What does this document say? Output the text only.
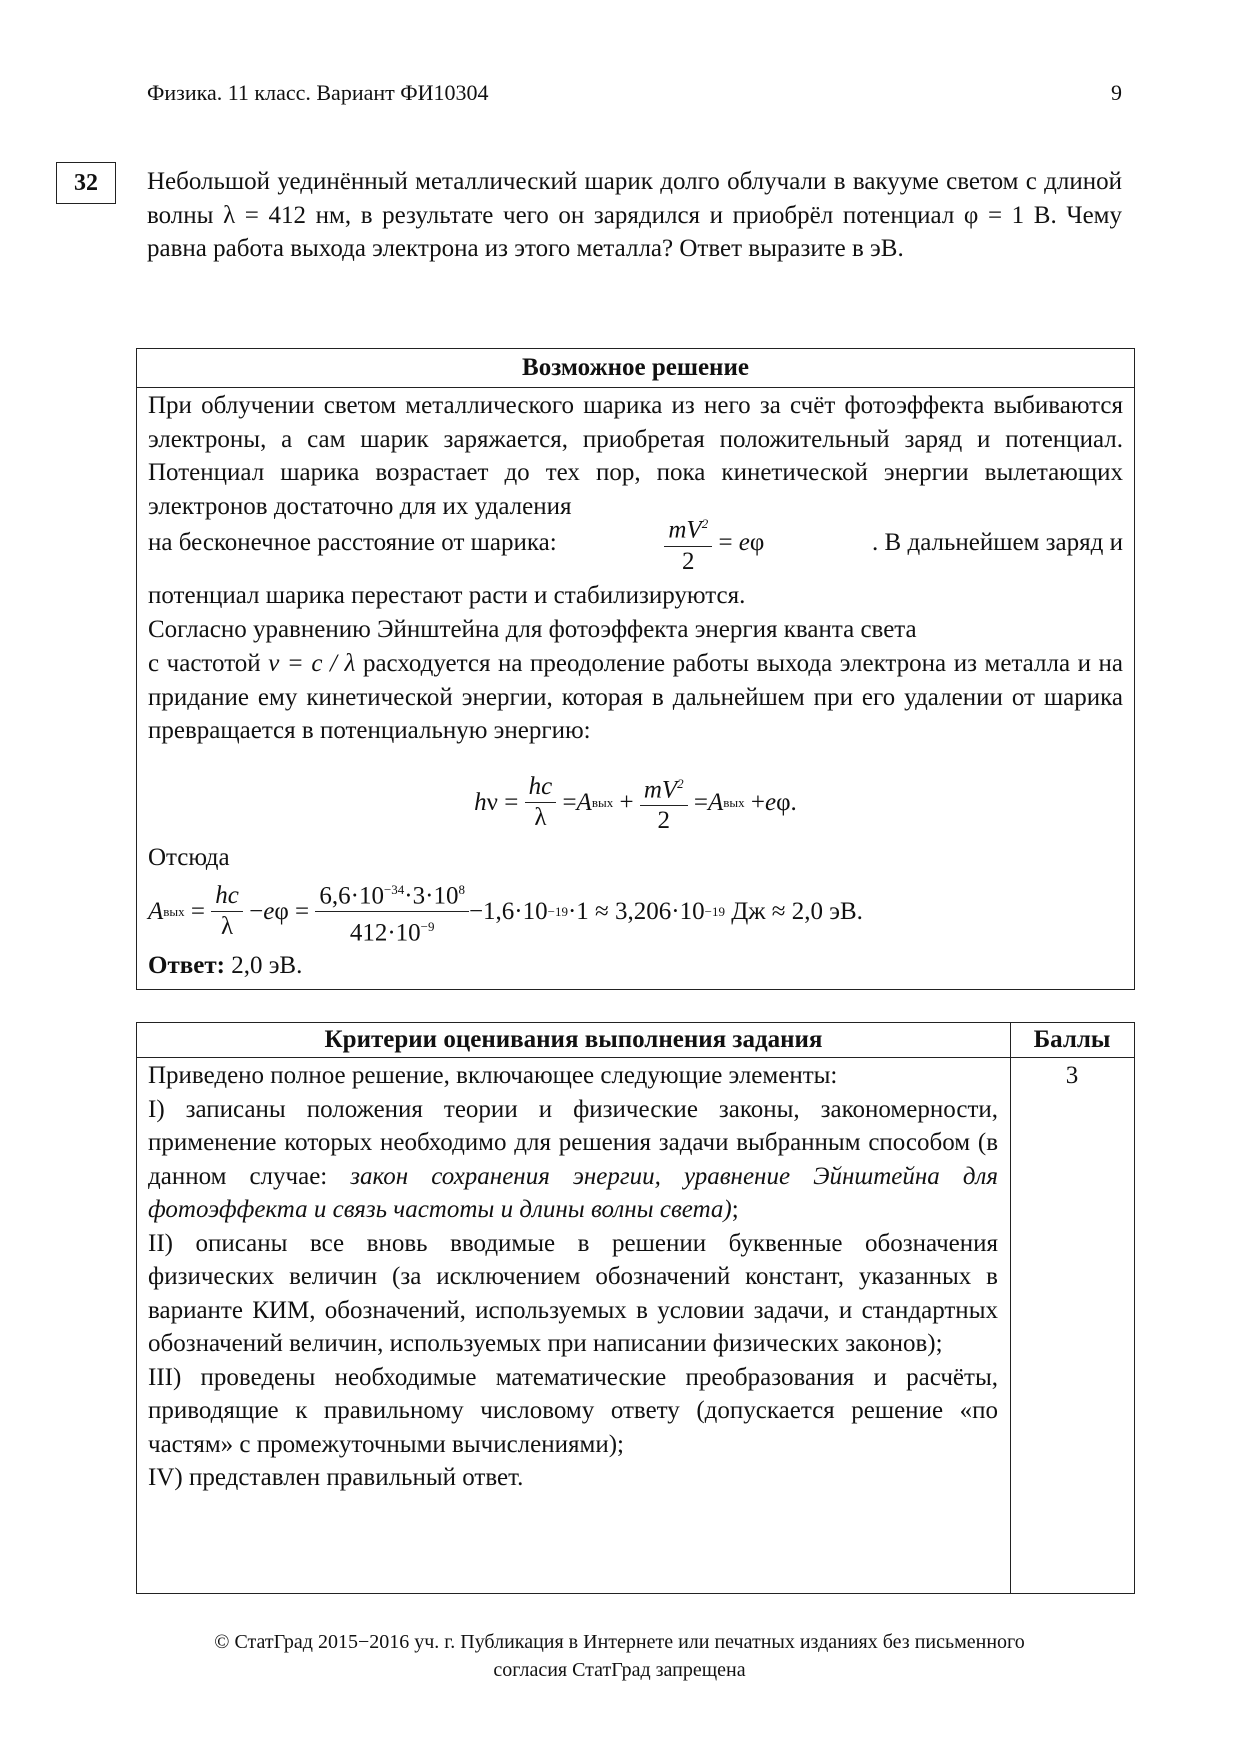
Физика. 11 класс. Вариант ФИ10304	9
32	Небольшой уединённый металлический шарик долго облучали в вакууме светом с длиной волны λ = 412 нм, в результате чего он зарядился и приобрёл потенциал φ = 1 В. Чему равна работа выхода электрона из этого металла? Ответ выразите в эВ.
Возможное решение
При облучении светом металлического шарика из него за счёт фотоэффекта выбиваются электроны, а сам шарик заряжается, приобретая положительный заряд и потенциал. Потенциал шарика возрастает до тех пор, пока кинетической энергии вылетающих электронов достаточно для их удаления
на бесконечное расстояние от шарика:	$\frac{mV^2}{2} = e\varphi$	. В дальнейшем заряд и
потенциал шарика перестают расти и стабилизируются.
Согласно уравнению Эйнштейна для фотоэффекта энергия кванта света
с частотой ν = c / λ расходуется на преодоление работы выхода электрона из металла и на придание ему кинетической энергии, которая в дальнейшем при его удалении от шарика превращается в потенциальную энергию:
h $\nu = \frac{hc}{\lambda} = A$ вых + $\frac{mV^2}{2} = A$ вых + e φ.
Отсюда
A вых = $\frac{hc}{\lambda} - e$ $\varphi = \frac{6,6\cdot 10^{-34}\cdot 3\cdot 10^8}{412\cdot 10^{-9}} -1,6\cdot 10 -19 \cdot 1 \approx 3,206\cdot 10 -19$
Дж ≈ 2,0 эВ.
Ответ: 2,0 эВ.
Критерии оценивания выполнения задания	Баллы
Приведено полное решение, включающее следующие элементы:
I) записаны положения теории и физические законы, закономерности, применение которых необходимо для решения задачи выбранным способом (в данном случае: закон сохранения энергии, уравнение Эйнштейна для фотоэффекта и связь частоты и длины волны света);
II) описаны все вновь вводимые в решении буквенные обозначения физических величин (за исключением обозначений констант, указанных в варианте КИМ, обозначений, используемых в условии задачи, и стандартных обозначений величин, используемых при написании физических законов);
III) проведены необходимые математические преобразования и расчёты, приводящие к правильному числовому ответу (допускается решение «по частям» с промежуточными вычислениями);
IV) представлен правильный ответ.
3
© СтатГрад 2015−2016 уч. г. Публикация в Интернете или печатных изданиях без письменного
согласия СтатГрад запрещена
